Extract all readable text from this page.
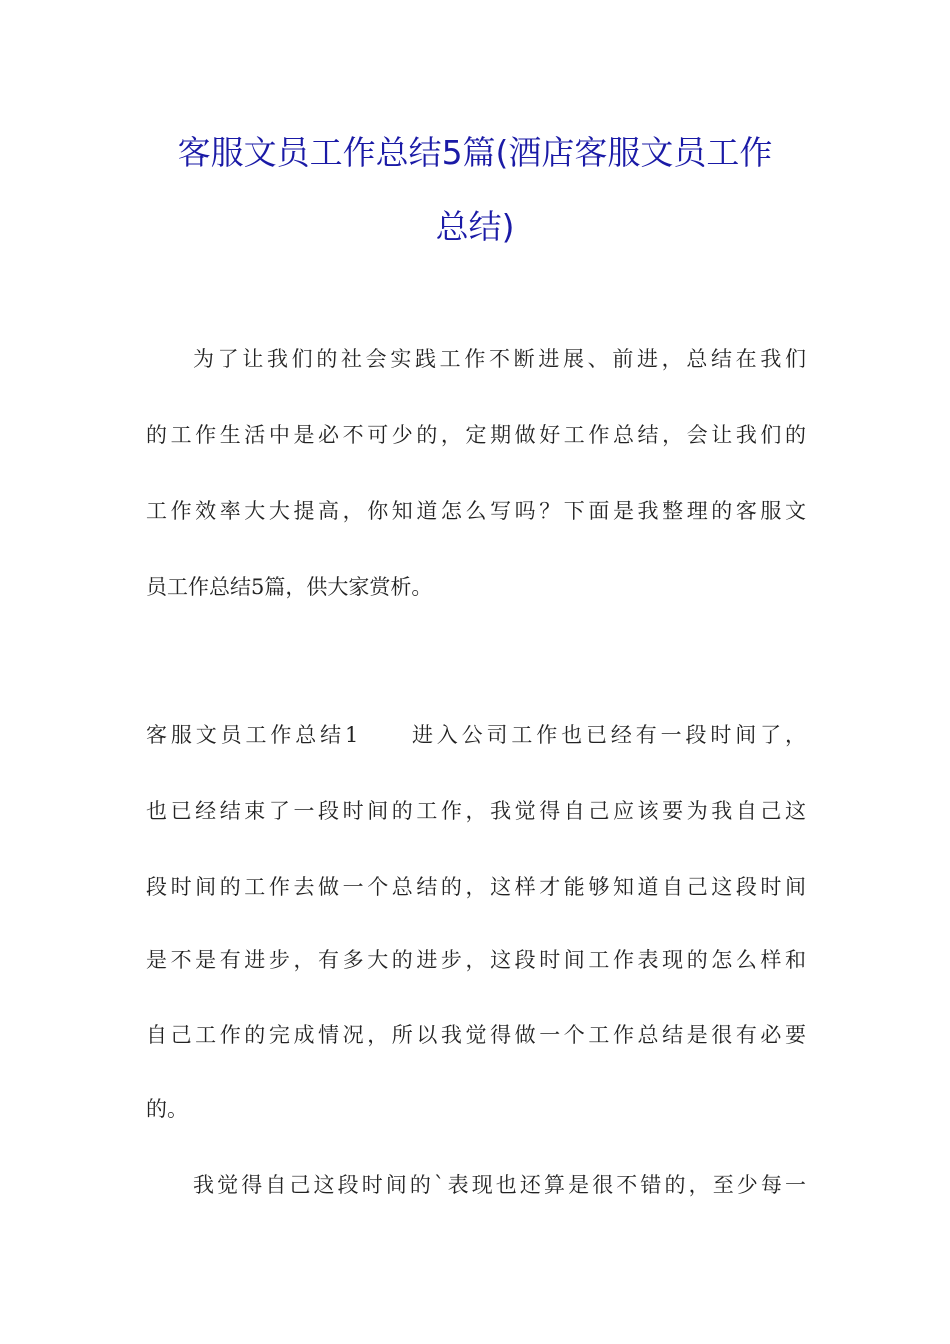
客服文员工作总结5篇(酒店客服文员工作
总结)
为了让我们的社会实践工作不断进展、前进，总结在我们
的工作生活中是必不可少的，定期做好工作总结，会让我们的
工作效率大大提高，你知道怎么写吗？下面是我整理的客服文
员工作总结5篇，供大家赏析。
客服文员工作总结1　　进入公司工作也已经有一段时间了，
也已经结束了一段时间的工作，我觉得自己应该要为我自己这
段时间的工作去做一个总结的，这样才能够知道自己这段时间
是不是有进步，有多大的进步，这段时间工作表现的怎么样和
自己工作的完成情况，所以我觉得做一个工作总结是很有必要
的。
我觉得自己这段时间的`表现也还算是很不错的，至少每一
